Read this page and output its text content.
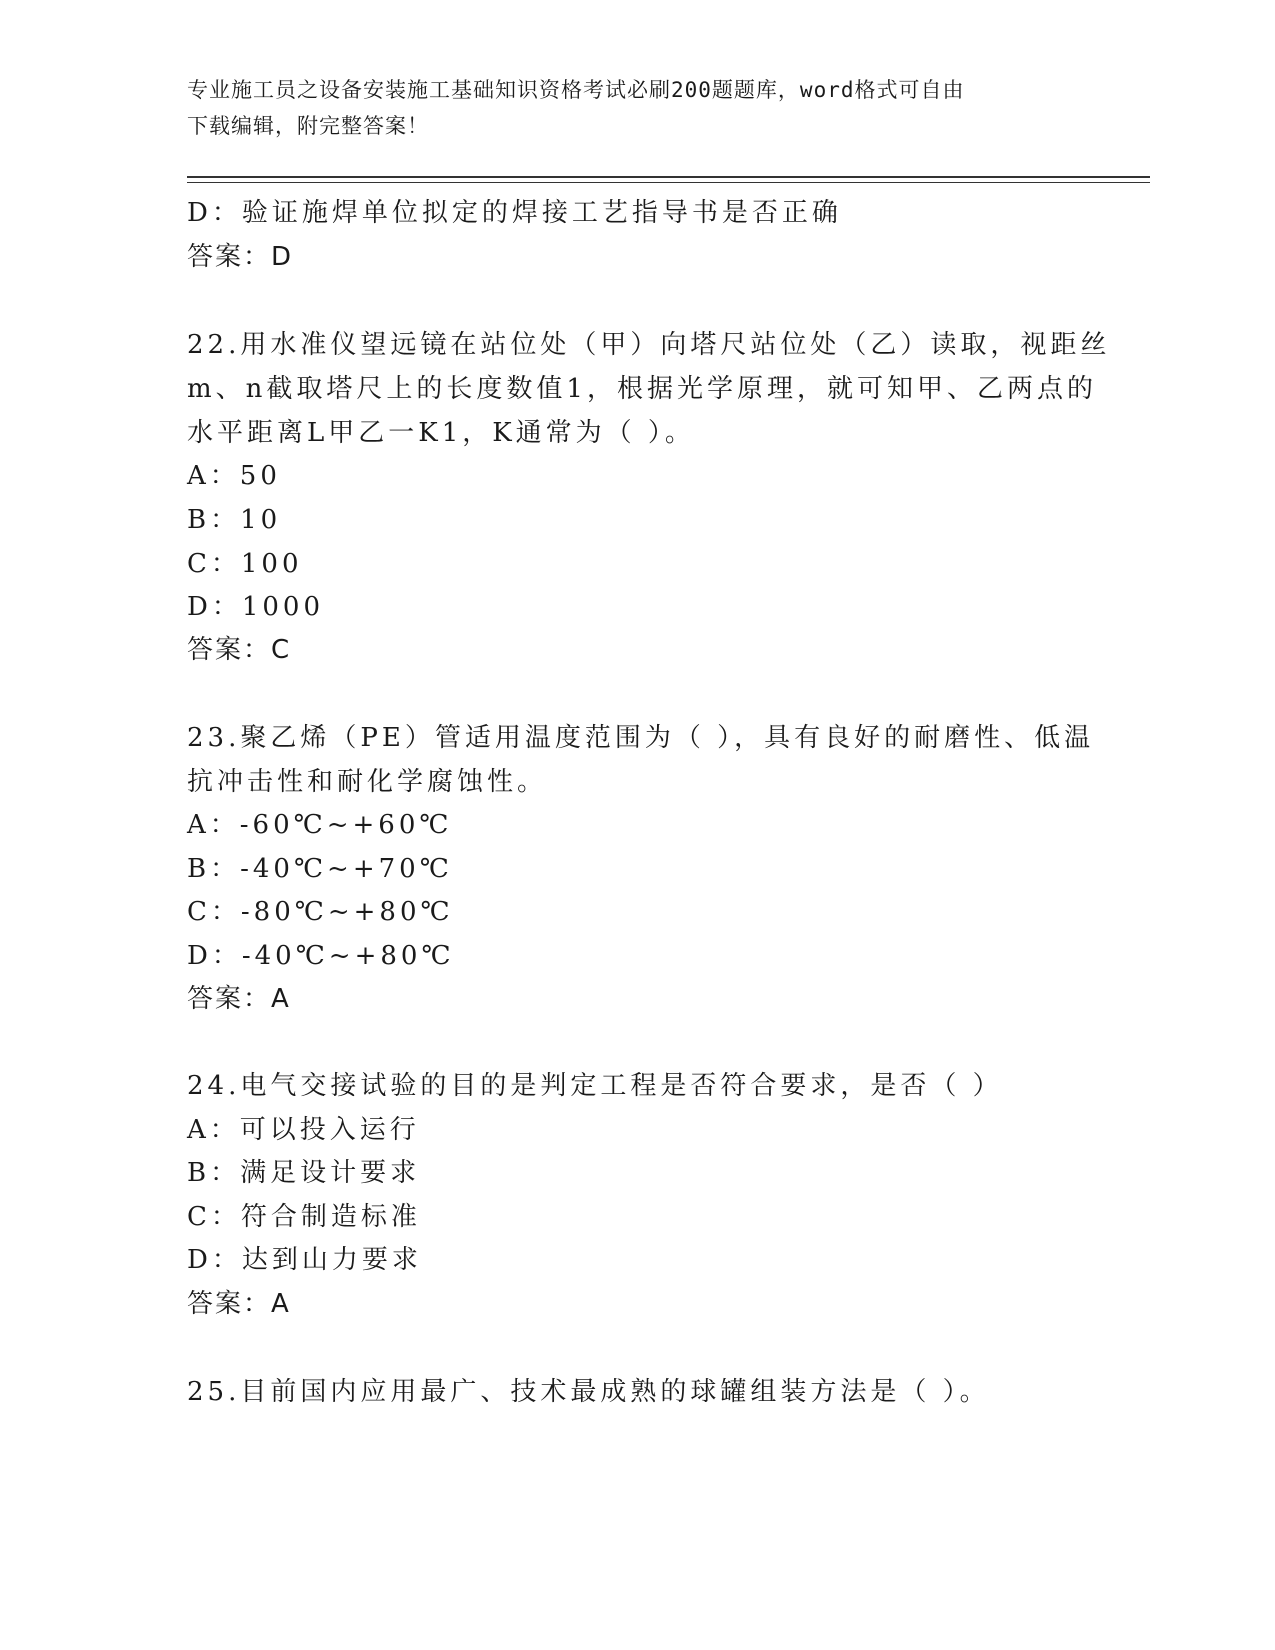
专业施工员之设备安装施工基础知识资格考试必刷200题题库，word格式可自由
下载编辑，附完整答案！
D：验证施焊单位拟定的焊接工艺指导书是否正确
答案：D
22.用水准仪望远镜在站位处（甲）向塔尺站位处（乙）读取，视距丝
m、n截取塔尺上的长度数值1，根据光学原理，就可知甲、乙两点的
水平距离L甲乙一K1，K通常为（ ）。
A：50
B：10
C：100
D：1000
答案：C
23.聚乙烯（PE）管适用温度范围为（ ），具有良好的耐磨性、低温
抗冲击性和耐化学腐蚀性。
A：-60℃~+60℃
B：-40℃~+70℃
C：-80℃~+80℃
D：-40℃~+80℃
答案：A
24.电气交接试验的目的是判定工程是否符合要求，是否（ ）
A：可以投入运行
B：满足设计要求
C：符合制造标准
D：达到山力要求
答案：A
25.目前国内应用最广、技术最成熟的球罐组装方法是（ ）。
